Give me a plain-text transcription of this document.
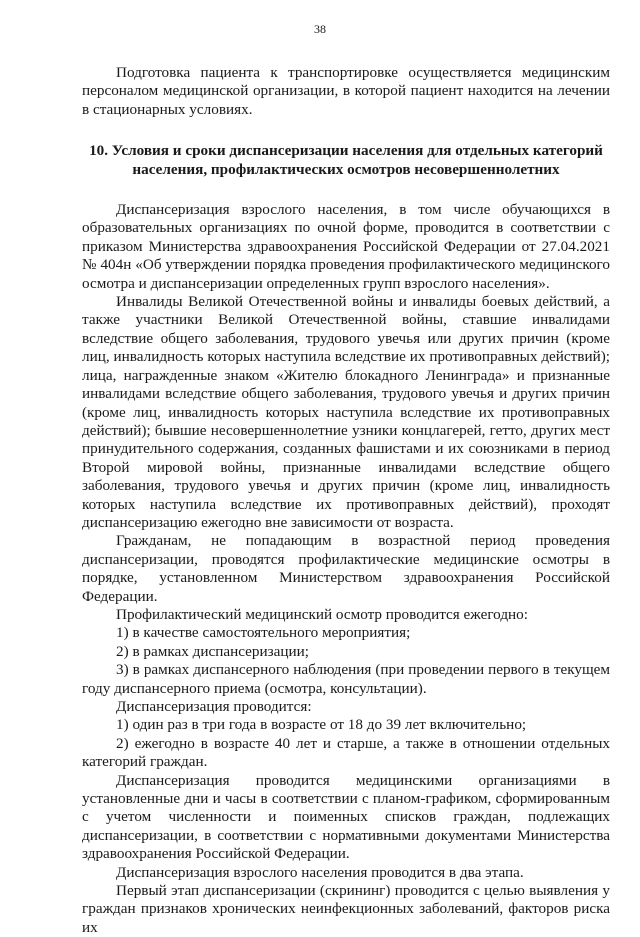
38

Подготовка пациента к транспортировке осуществляется медицинским персоналом медицинской организации, в которой пациент находится на лечении в стационарных условиях.

10. Условия и сроки диспансеризации населения для отдельных категорий населения, профилактических осмотров несовершеннолетних

Диспансеризация взрослого населения, в том числе обучающихся в образовательных организациях по очной форме, проводится в соответствии с приказом Министерства здравоохранения Российской Федерации от 27.04.2021 № 404н «Об утверждении порядка проведения профилактического медицинского осмотра и диспансеризации определенных групп взрослого населения».

Инвалиды Великой Отечественной войны и инвалиды боевых действий, а также участники Великой Отечественной войны, ставшие инвалидами вследствие общего заболевания, трудового увечья или других причин (кроме лиц, инвалидность которых наступила вследствие их противоправных действий); лица, награжденные знаком «Жителю блокадного Ленинграда» и признанные инвалидами вследствие общего заболевания, трудового увечья и других причин (кроме лиц, инвалидность которых наступила вследствие их противоправных действий); бывшие несовершеннолетние узники концлагерей, гетто, других мест принудительного содержания, созданных фашистами и их союзниками в период Второй мировой войны, признанные инвалидами вследствие общего заболевания, трудового увечья и других причин (кроме лиц, инвалидность которых наступила вследствие их противоправных действий), проходят диспансеризацию ежегодно вне зависимости от возраста.

Гражданам, не попадающим в возрастной период проведения диспансеризации, проводятся профилактические медицинские осмотры в порядке, установленном Министерством здравоохранения Российской Федерации.

Профилактический медицинский осмотр проводится ежегодно:

1) в качестве самостоятельного мероприятия;

2) в рамках диспансеризации;

3) в рамках диспансерного наблюдения (при проведении первого в текущем году диспансерного приема (осмотра, консультации).

Диспансеризация проводится:

1) один раз в три года в возрасте от 18 до 39 лет включительно;

2) ежегодно в возрасте 40 лет и старше, а также в отношении отдельных категорий граждан.

Диспансеризация проводится медицинскими организациями в установленные дни и часы в соответствии с планом-графиком, сформированным с учетом численности и поименных списков граждан, подлежащих диспансеризации, в соответствии с нормативными документами Министерства здравоохранения Российской Федерации.

Диспансеризация взрослого населения проводится в два этапа.

Первый этап диспансеризации (скрининг) проводится с целью выявления у граждан признаков хронических неинфекционных заболеваний, факторов риска их
